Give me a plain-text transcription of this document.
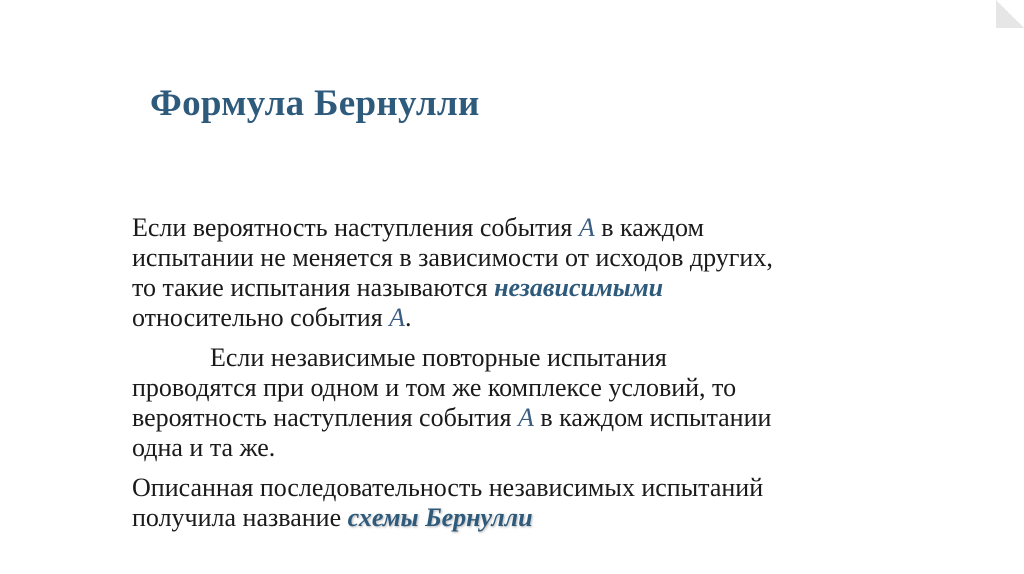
Формула Бернулли

Если вероятность наступления события A в каждом
испытании не меняется в зависимости от исходов других,
то такие испытания называются независимыми
относительно события A.

Если независимые повторные испытания
проводятся при одном и том же комплексе условий, то
вероятность наступления события A в каждом испытании
одна и та же.

Описанная последовательность независимых испытаний
получила название схемы Бернулли
